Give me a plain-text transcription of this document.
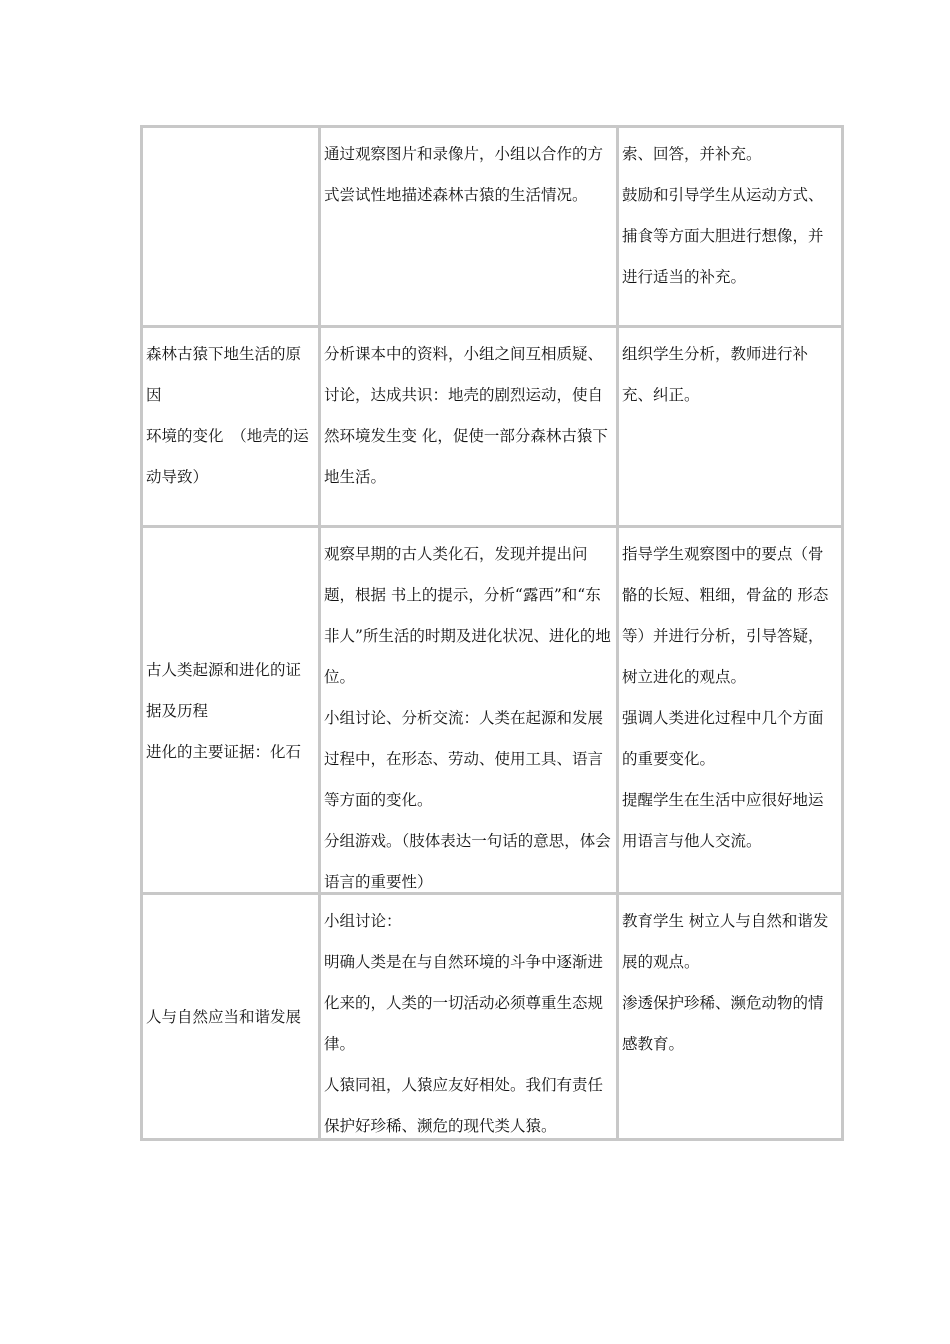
通过观察图片和录像片，小组以合作的方式尝试性地描述森林古猿的生活情况。

索、回答，并补充。

鼓励和引导学生从运动方式、捕食等方面大胆进行想像，并进行适当的补充。

森林古猿下地生活的原因

环境的变化　（地壳的运动导致）

分析课本中的资料，小组之间互相质疑、讨论，达成共识：地壳的剧烈运动，使自然环境发生变 化，促使一部分森林古猿下地生活。

组织学生分析，教师进行补充、纠正。

古人类起源和进化的证据及历程

进化的主要证据：化石

观察早期的古人类化石，发现并提出问题，根据 书上的提示，分析“露西”和“东非人”所生活的时期及进化状况、进化的地位。

小组讨论、分析交流：人类在起源和发展过程中，在形态、劳动、使用工具、语言等方面的变化。

分组游戏。（肢体表达一句话的意思，体会语言的重要性）

指导学生观察图中的要点（骨骼的长短、粗细，骨盆的 形态等）并进行分析，引导答疑，树立进化的观点。

强调人类进化过程中几个方面的重要变化。

提醒学生在生活中应很好地运用语言与他人交流。

人与自然应当和谐发展

小组讨论：

明确人类是在与自然环境的斗争中逐渐进化来的，人类的一切活动必须尊重生态规律。

人猿同祖，人猿应友好相处。我们有责任保护好珍稀、濒危的现代类人猿。

教育学生 树立人与自然和谐发展的观点。

渗透保护珍稀、濒危动物的情感教育。
